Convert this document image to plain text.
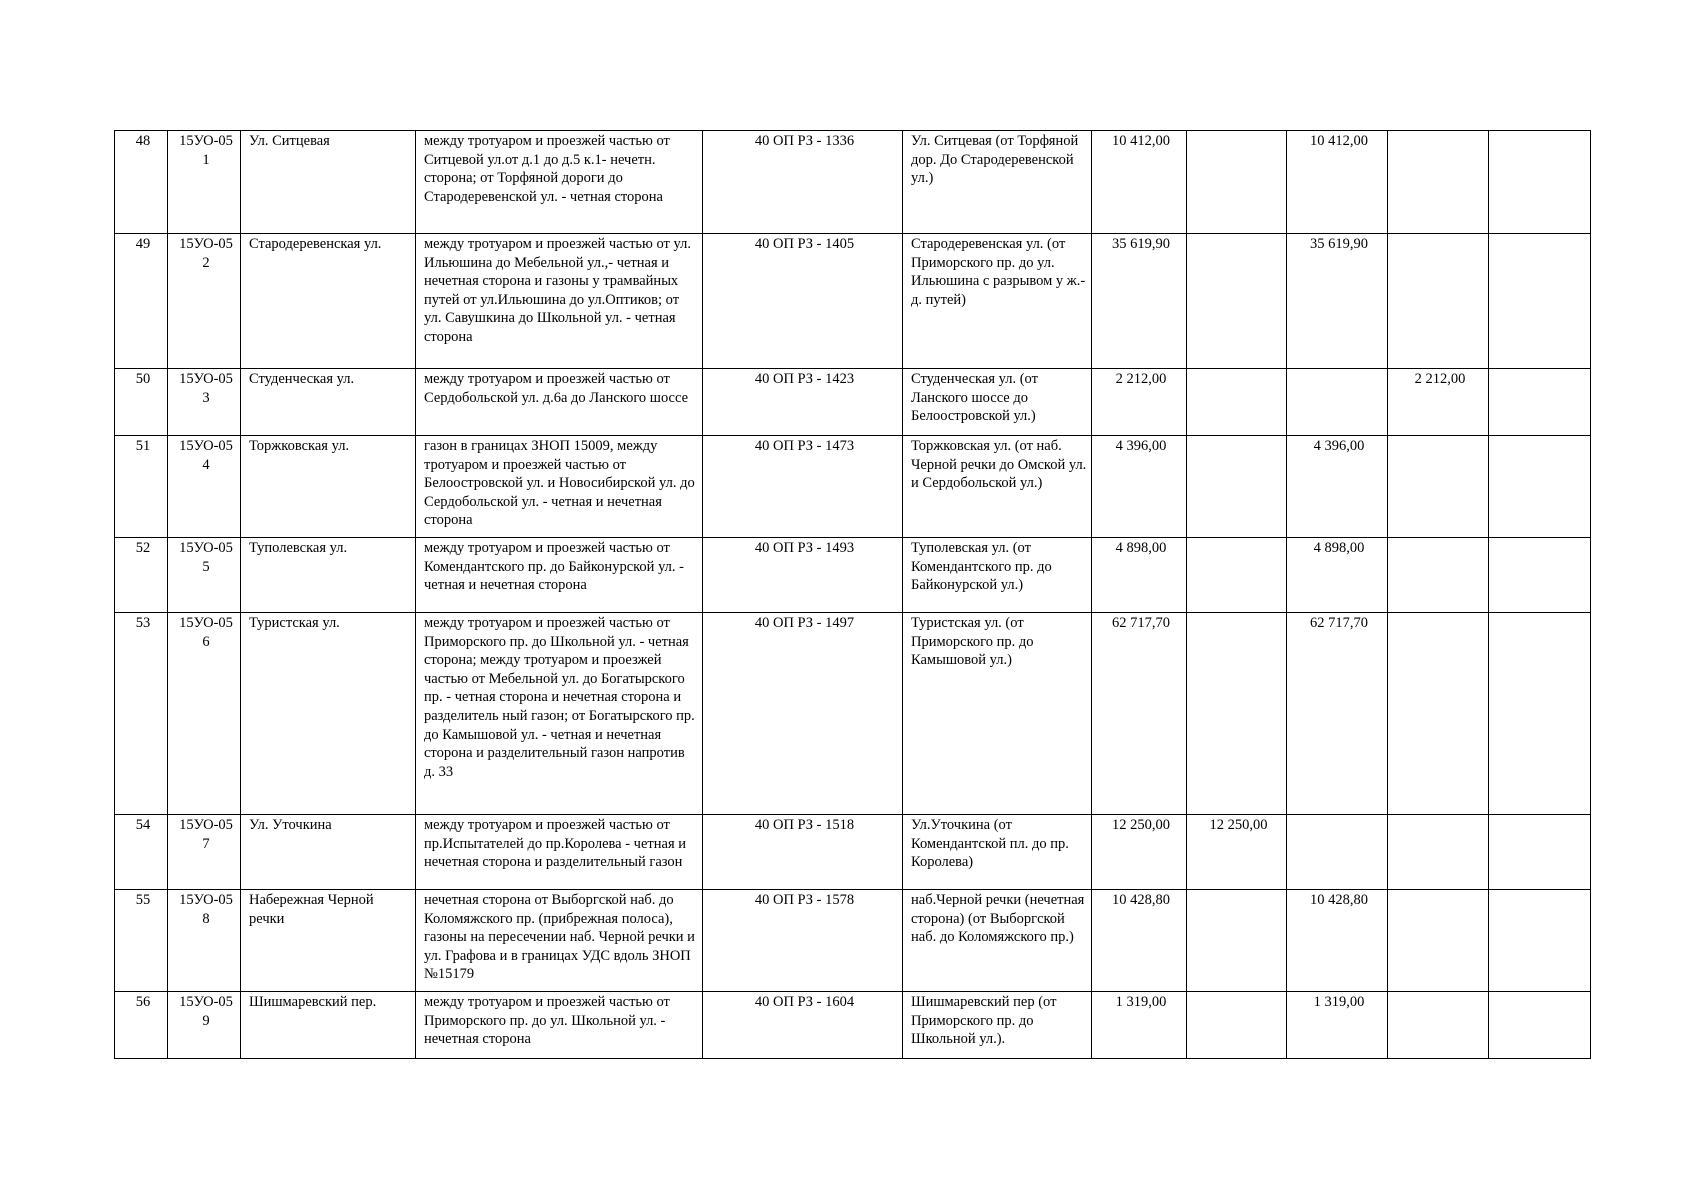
48	15УО-051	Ул. Ситцевая	между тротуаром и проезжей частью от Ситцевой ул.от д.1 до д.5 к.1- нечетн. сторона; от Торфяной дороги до Стародеревенской ул. - четная сторона	40 ОП РЗ - 1336	Ул. Ситцевая (от Торфяной дор. До Стародеревенской ул.)	10 412,00		10 412,00		
49	15УО-052	Стародеревенская ул.	между тротуаром и проезжей частью от ул. Ильюшина до Мебельной ул.,- четная и нечетная сторона и газоны у трамвайных путей от ул.Ильюшина до ул.Оптиков; от ул. Савушкина до Школьной ул. - четная сторона	40 ОП РЗ - 1405	Стародеревенская ул. (от Приморского пр. до ул. Ильюшина с разрывом у ж.-д. путей)	35 619,90		35 619,90		
50	15УО-053	Студенческая ул.	между тротуаром и проезжей частью от Сердобольской ул. д.6а до Ланского шоссе	40 ОП РЗ - 1423	Студенческая ул. (от Ланского шоссе до Белоостровской ул.)	2 212,00			2 212,00	
51	15УО-054	Торжковская ул.	газон в границах ЗНОП 15009, между тротуаром и проезжей частью от Белоостровской ул. и Новосибирской ул. до Сердобольской ул. - четная и нечетная сторона	40 ОП РЗ - 1473	Торжковская ул. (от наб. Черной речки до Омской ул. и Сердобольской ул.)	4 396,00		4 396,00		
52	15УО-055	Туполевская ул.	между тротуаром и проезжей частью от Комендантского пр. до Байконурской ул. - четная и нечетная сторона	40 ОП РЗ - 1493	Туполевская ул. (от Комендантского пр. до Байконурской ул.)	4 898,00		4 898,00		
53	15УО-056	Туристская ул.	между тротуаром и проезжей частью от Приморского пр. до Школьной ул. - четная сторона; между тротуаром и проезжей частью от Мебельной ул. до Богатырского пр. - четная сторона и нечетная сторона и разделитель ный газон; от Богатырского пр. до Камышовой ул. - четная и нечетная сторона и разделительный газон напротив д. 33	40 ОП РЗ - 1497	Туристская ул. (от Приморского пр. до Камышовой ул.)	62 717,70		62 717,70		
54	15УО-057	Ул. Уточкина	между тротуаром и проезжей частью от пр.Испытателей до пр.Королева - четная и нечетная сторона и разделительный газон	40 ОП РЗ - 1518	Ул.Уточкина (от Комендантской пл. до пр. Королева)	12 250,00	12 250,00			
55	15УО-058	Набережная Черной речки	нечетная сторона от Выборгской наб. до Коломяжского пр. (прибрежная полоса), газоны на пересечении наб. Черной речки и ул. Графова и в границах УДС вдоль ЗНОП №15179	40 ОП РЗ - 1578	наб.Черной речки (нечетная сторона) (от Выборгской наб. до Коломяжского пр.)	10 428,80		10 428,80		
56	15УО-059	Шишмаревский пер.	между тротуаром и проезжей частью от Приморского пр. до ул. Школьной ул. - нечетная сторона	40 ОП РЗ - 1604	Шишмаревский пер (от Приморского пр. до Школьной ул.).	1 319,00		1 319,00		
